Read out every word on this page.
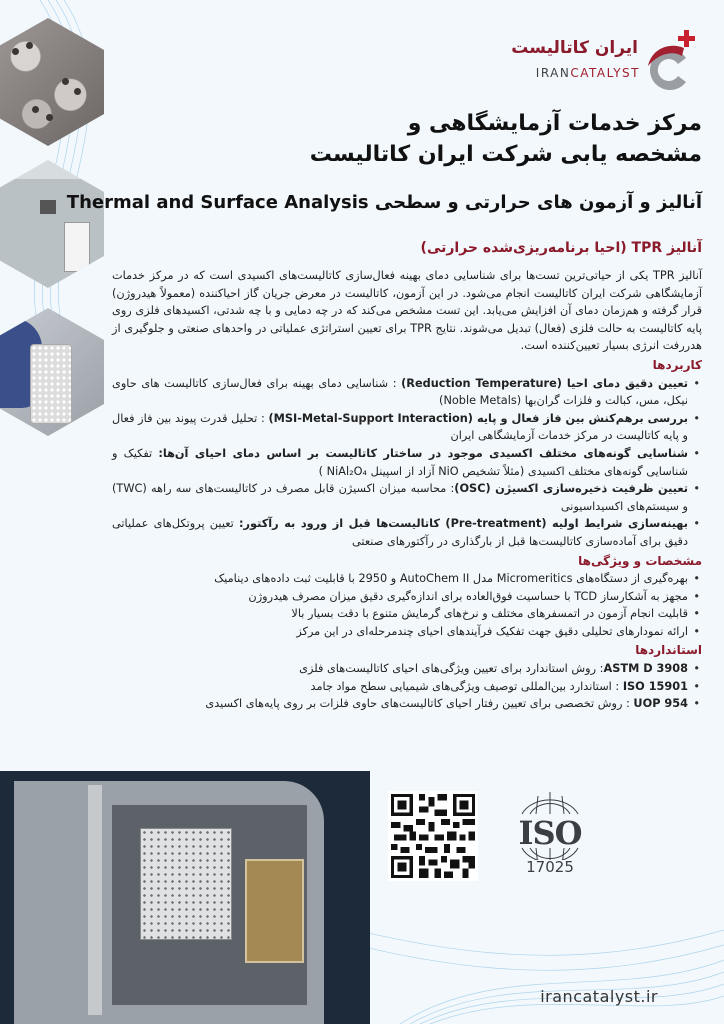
ایران کاتالیست
IRANCATALYST
مرکز خدمات آزمایشگاهی و
مشخصه یابی شرکت ایران کاتالیست
آنالیز و آزمون های حرارتی و سطحی Thermal and Surface Analysis
آنالیز TPR (احیا برنامه‌ریزی‌شده حرارتی)

آنالیز TPR یکی از حیاتی‌ترین تست‌ها برای شناسایی دمای بهینه فعال‌سازی کاتالیست‌های اکسیدی است که در مرکز خدمات آزمایشگاهی شرکت ایران کاتالیست انجام می‌شود. در این آزمون، کاتالیست در معرض جریان گاز احیاکننده (معمولاً هیدروژن) قرار گرفته و هم‌زمان دمای آن افزایش می‌یابد. این تست مشخص می‌کند که در چه دمایی و با چه شدتی، اکسیدهای فلزی روی پایه کاتالیست به حالت فلزی (فعال) تبدیل می‌شوند. نتایج TPR برای تعیین استراتژی عملیاتی در واحدهای صنعتی و جلوگیری از هدررفت انرژی بسیار تعیین‌کننده است.

کاربردها
• تعیین دقیق دمای احیا (Reduction Temperature) : شناسایی دمای بهینه برای فعال‌سازی کاتالیست های حاوی نیکل، مس، کبالت و فلزات گران‌بها (Noble Metals)
• بررسی برهم‌کنش بین فاز فعال و پایه (MSI-Metal-Support Interaction) : تحلیل قدرت پیوند بین فاز فعال و پایه کاتالیست در مرکز خدمات آزمایشگاهی ایران
• شناسایی گونه‌های مختلف اکسیدی موجود در ساختار کاتالیست بر اساس دمای احیای آن‌ها: تفکیک و شناسایی گونه‌های مختلف اکسیدی (مثلاً تشخیص NiO آزاد از اسپینل NiAl₂O₄ )
• تعیین ظرفیت ذخیره‌سازی اکسیژن (OSC): محاسبه میزان اکسیژن قابل مصرف در کاتالیست‌های سه راهه (TWC) و سیستم‌های اکسیداسیونی
• بهینه‌سازی شرایط اولیه (Pre-treatment) کاتالیست‌ها قبل از ورود به رآکتور: تعیین پروتکل‌های عملیاتی دقیق برای آماده‌سازی کاتالیست‌ها قبل از بارگذاری در رآکتورهای صنعتی
مشخصات و ویژگی‌ها
• بهره‌گیری از دستگاه‌های Micromeritics مدل AutoChem II و 2950 با قابلیت ثبت داده‌های دینامیک
• مجهز به آشکارساز TCD با حساسیت فوق‌العاده برای اندازه‌گیری دقیق میزان مصرف هیدروژن
• قابلیت انجام آزمون در اتمسفرهای مختلف و نرخ‌های گرمایش متنوع با دقت بسیار بالا
• ارائه نمودارهای تحلیلی دقیق جهت تفکیک فرآیندهای احیای چندمرحله‌ای در این مرکز
استانداردها
• ASTM D 3908: روش استاندارد برای تعیین ویژگی‌های احیای کاتالیست‌های فلزی
• ISO 15901 : استاندارد بین‌المللی توصیف ویژگی‌های شیمیایی سطح مواد جامد
• UOP 954 : روش تخصصی برای تعیین رفتار احیای کاتالیست‌های حاوی فلزات بر روی پایه‌های اکسیدی
ISO
17025
irancatalyst.ir
